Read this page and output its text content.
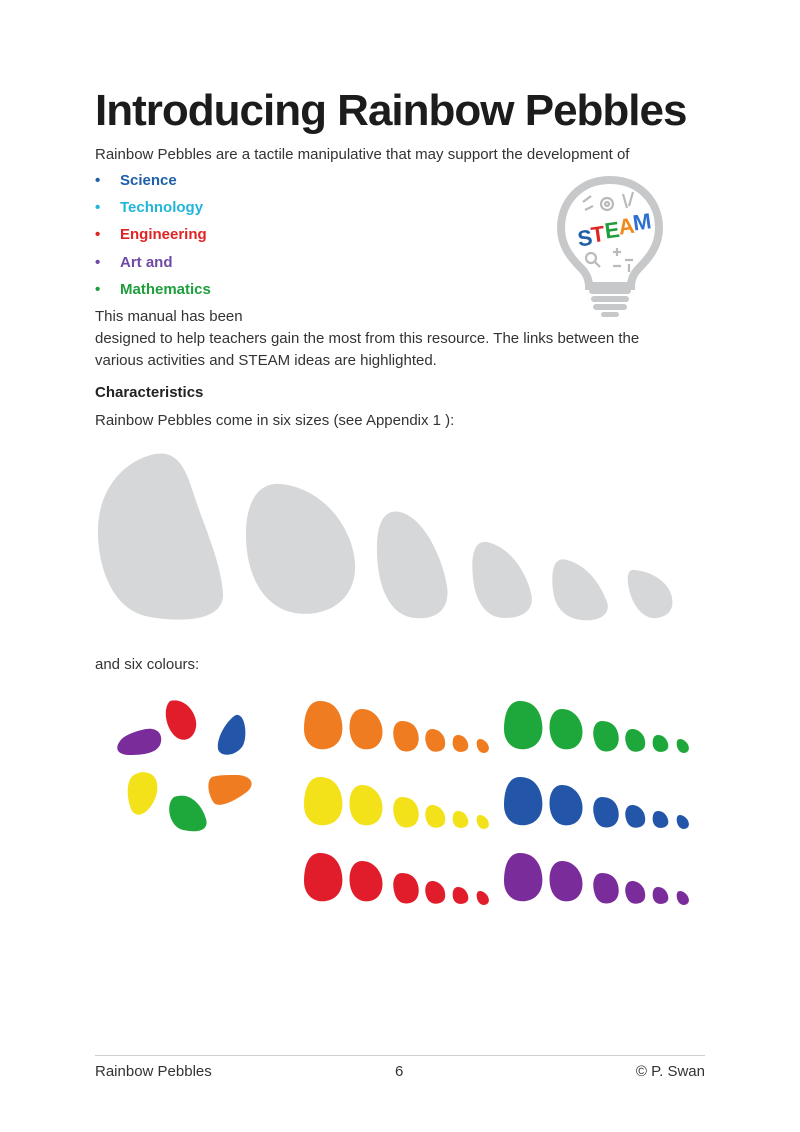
Introducing Rainbow Pebbles
Rainbow Pebbles are a tactile manipulative that may support the development of
• Science
• Technology
• Engineering
• Art and
• Mathematics
S
T
E
A
M
This manual has been
designed to help teachers gain the most from this resource. The links between the
various activities and STEAM ideas are highlighted.
Characteristics
Rainbow Pebbles come in six sizes (see Appendix 1 ):
and six colours:
Rainbow Pebbles	6	© P. Swan
